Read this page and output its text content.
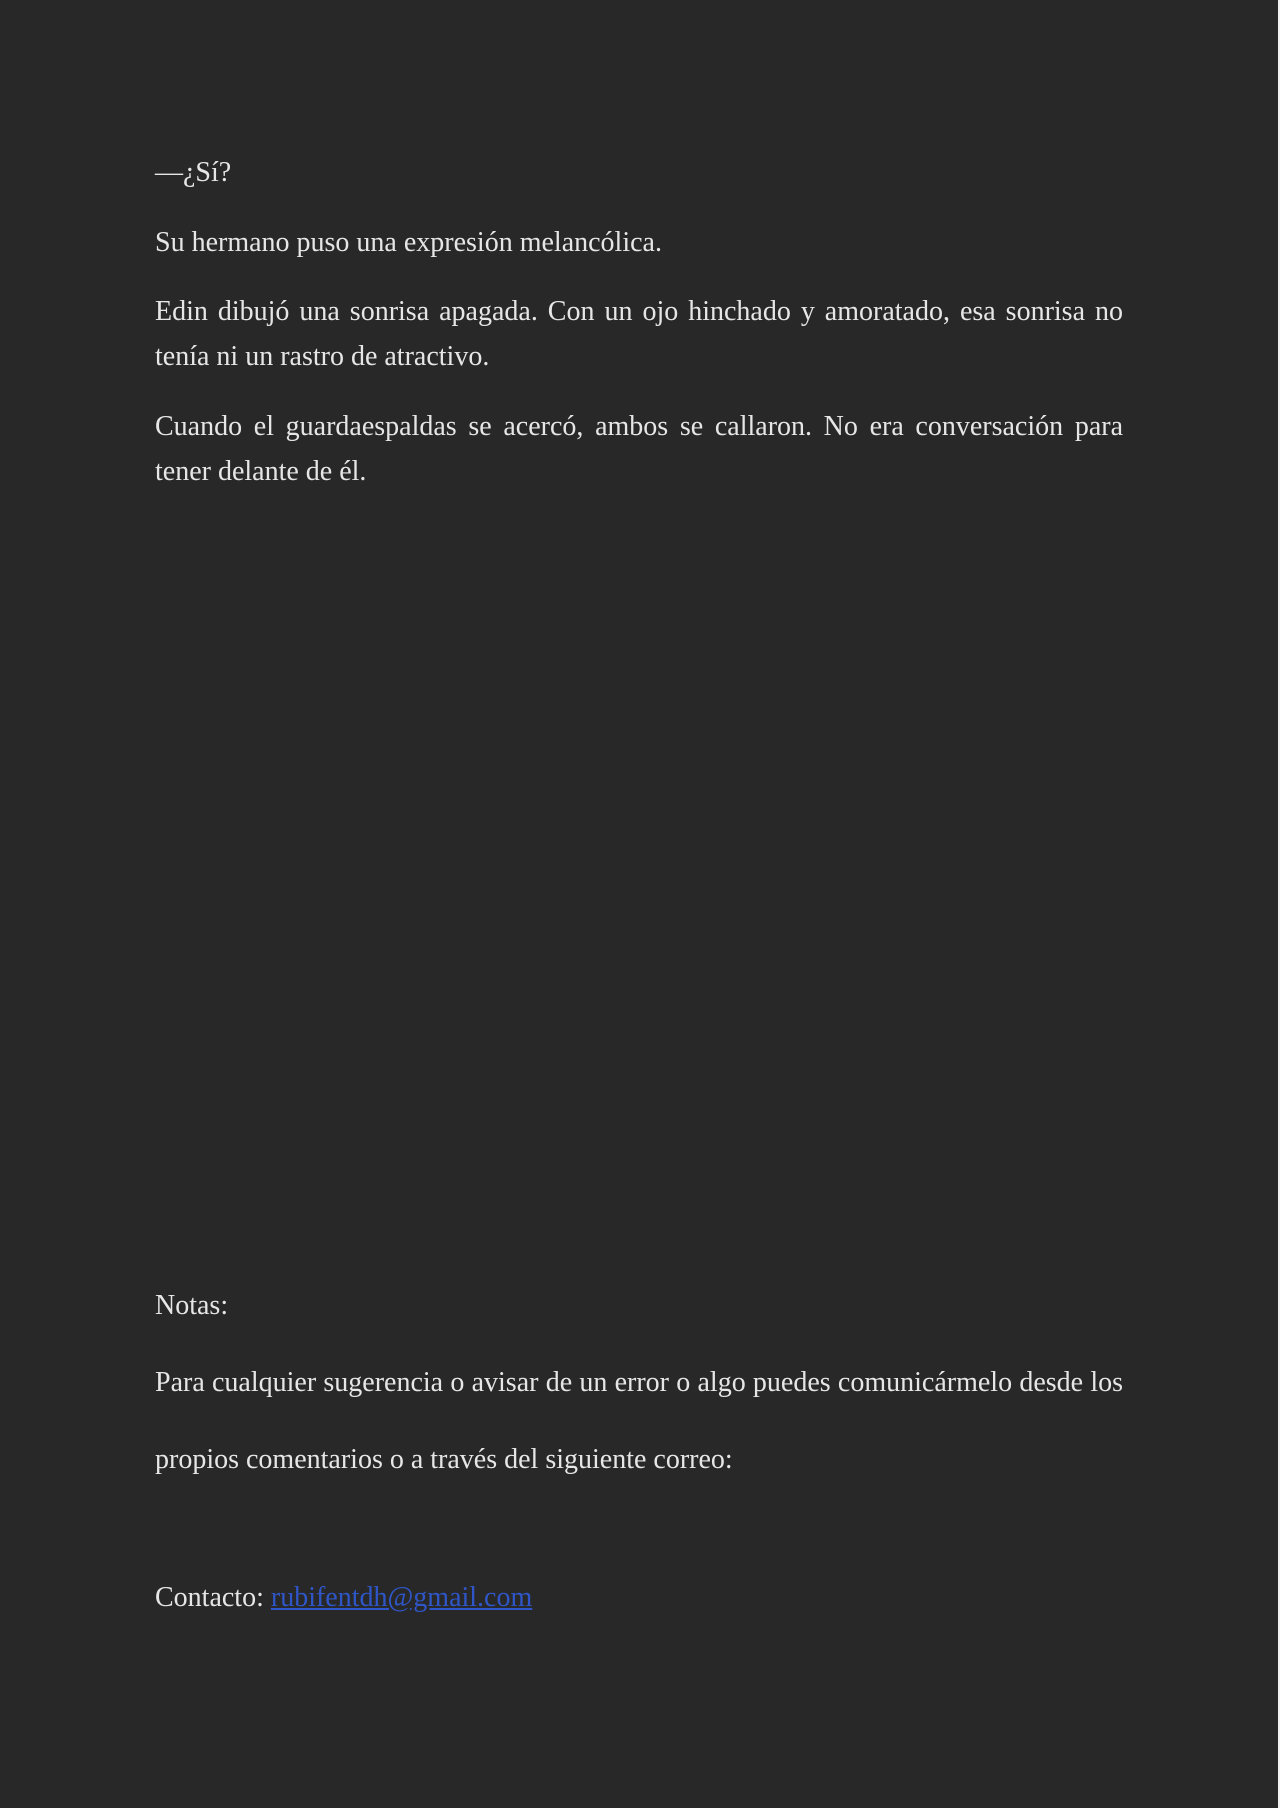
—¿Sí?

Su hermano puso una expresión melancólica.

Edin dibujó una sonrisa apagada. Con un ojo hinchado y amoratado, esa sonrisa no tenía ni un rastro de atractivo.

Cuando el guardaespaldas se acercó, ambos se callaron. No era conversación para tener delante de él.

Notas:

Para cualquier sugerencia o avisar de un error o algo puedes comunicármelo desde los propios comentarios o a través del siguiente correo:

Contacto: rubifentdh@gmail.com
